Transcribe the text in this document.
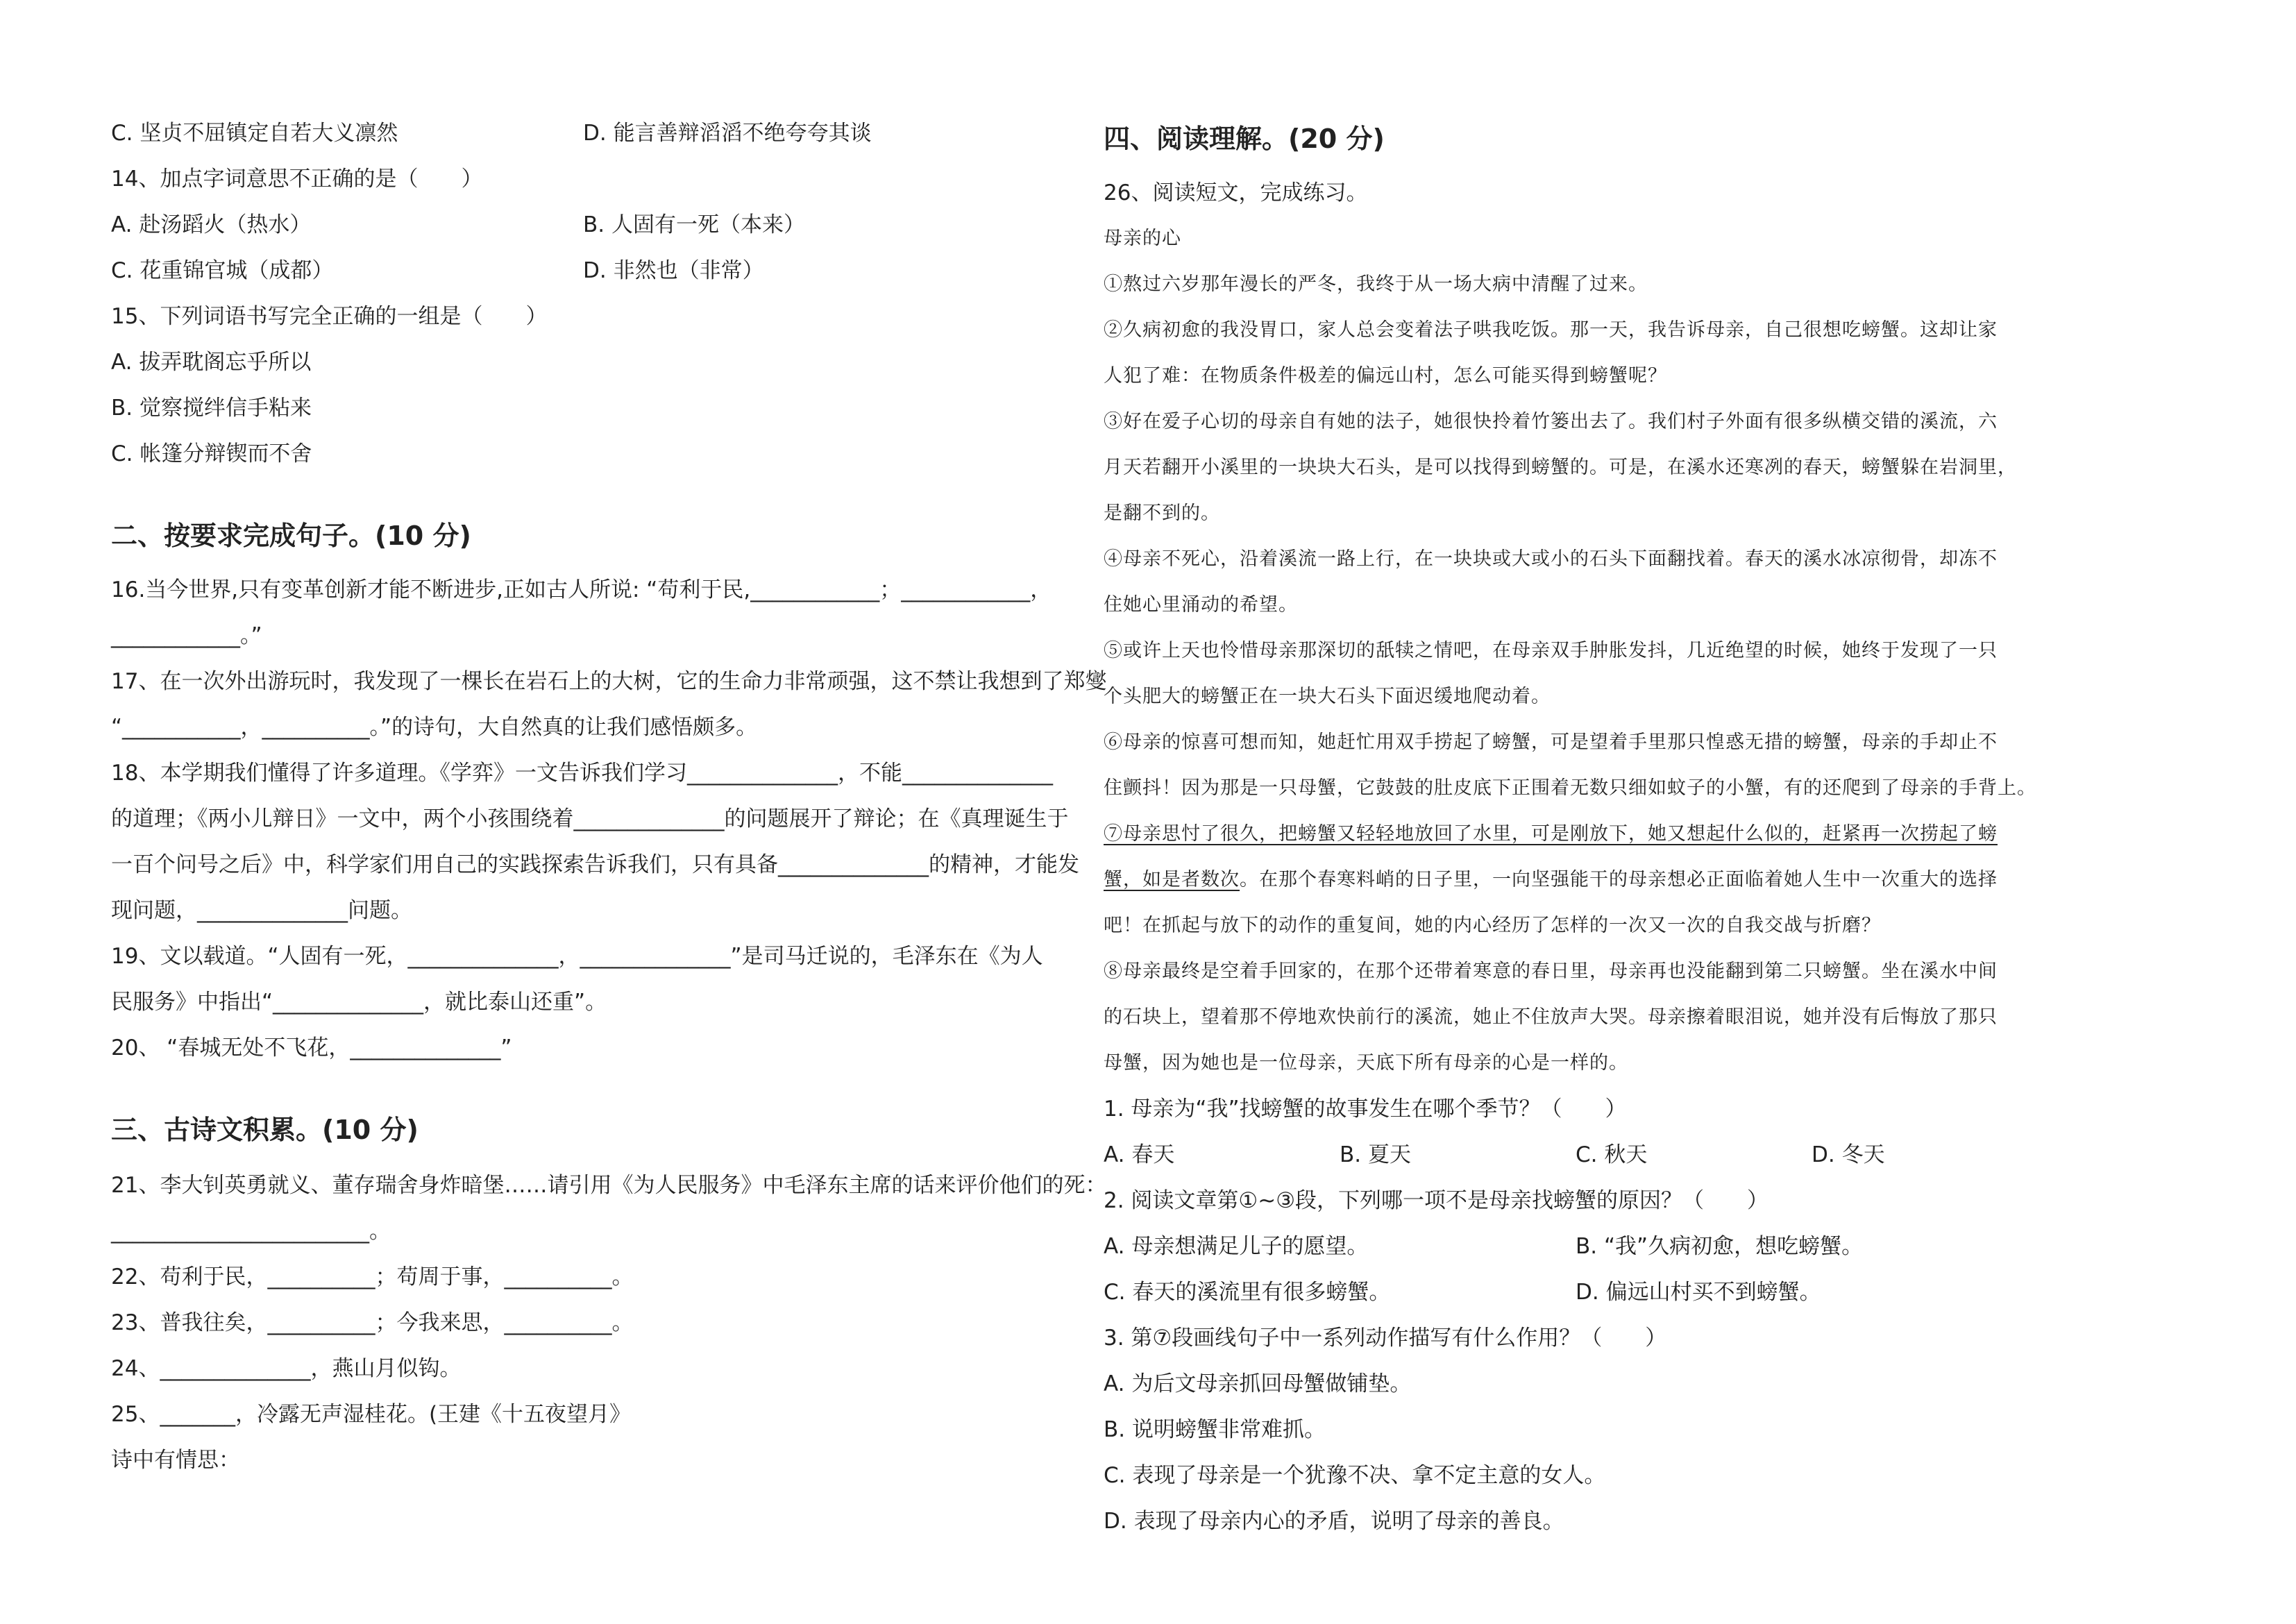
C. 坚贞不屈镇定自若大义凛然	D. 能言善辩滔滔不绝夸夸其谈
14、加点字词意思不正确的是（　　）
A. 赴汤蹈火（热水）	B. 人固有一死（本来）
C. 花重锦官城（成都）	D. 非然也（非常）
15、下列词语书写完全正确的一组是（　　）
A. 拔弄耽阁忘乎所以
B. 觉察搅绊信手粘来
C. 帐篷分辩锲而不舍
二、按要求完成句子。(10 分)
16.当今世界,只有变革创新才能不断进步,正如古人所说: “苟利于民,____________；____________，
____________。”
17、在一次外出游玩时，我发现了一棵长在岩石上的大树，它的生命力非常顽强，这不禁让我想到了郑燮
“___________，__________。”的诗句，大自然真的让我们感悟颇多。
18、本学期我们懂得了许多道理。《学弈》一文告诉我们学习______________，不能______________
的道理；《两小儿辩日》一文中，两个小孩围绕着______________的问题展开了辩论；在《真理诞生于
一百个问号之后》中，科学家们用自己的实践探索告诉我们，只有具备______________的精神，才能发
现问题，______________问题。
19、文以载道。“人固有一死，______________，______________”是司马迁说的，毛泽东在《为人
民服务》中指出“______________，就比泰山还重”。
20、 “春城无处不飞花，______________”
三、古诗文积累。(10 分)
21、李大钊英勇就义、董存瑞舍身炸暗堡……请引用《为人民服务》中毛泽东主席的话来评价他们的死：
________________________。
22、苟利于民，__________；苟周于事，__________。
23、普我往矣，__________；今我来思，__________。
24、______________，燕山月似钩。
25、_______，冷露无声湿桂花。(王建《十五夜望月》
诗中有情思：
四、阅读理解。(20 分)
26、阅读短文，完成练习。
母亲的心
①熬过六岁那年漫长的严冬，我终于从一场大病中清醒了过来。
②久病初愈的我没胃口，家人总会变着法子哄我吃饭。那一天，我告诉母亲，自己很想吃螃蟹。这却让家
人犯了难：在物质条件极差的偏远山村，怎么可能买得到螃蟹呢？
③好在爱子心切的母亲自有她的法子，她很快拎着竹篓出去了。我们村子外面有很多纵横交错的溪流，六
月天若翻开小溪里的一块块大石头，是可以找得到螃蟹的。可是，在溪水还寒冽的春天，螃蟹躲在岩洞里，
是翻不到的。
④母亲不死心，沿着溪流一路上行，在一块块或大或小的石头下面翻找着。春天的溪水冰凉彻骨，却冻不
住她心里涌动的希望。
⑤或许上天也怜惜母亲那深切的舐犊之情吧，在母亲双手肿胀发抖，几近绝望的时候，她终于发现了一只
个头肥大的螃蟹正在一块大石头下面迟缓地爬动着。
⑥母亲的惊喜可想而知，她赶忙用双手捞起了螃蟹，可是望着手里那只惶惑无措的螃蟹，母亲的手却止不
住颤抖！因为那是一只母蟹，它鼓鼓的肚皮底下正围着无数只细如蚊子的小蟹，有的还爬到了母亲的手背上。
⑦母亲思忖了很久，把螃蟹又轻轻地放回了水里，可是刚放下，她又想起什么似的，赶紧再一次捞起了螃
蟹，如是者数次。在那个春寒料峭的日子里，一向坚强能干的母亲想必正面临着她人生中一次重大的选择
吧！在抓起与放下的动作的重复间，她的内心经历了怎样的一次又一次的自我交战与折磨？
⑧母亲最终是空着手回家的，在那个还带着寒意的春日里，母亲再也没能翻到第二只螃蟹。坐在溪水中间
的石块上，望着那不停地欢快前行的溪流，她止不住放声大哭。母亲擦着眼泪说，她并没有后悔放了那只
母蟹，因为她也是一位母亲，天底下所有母亲的心是一样的。
1. 母亲为“我”找螃蟹的故事发生在哪个季节？（　　）
A. 春天	B. 夏天	C. 秋天	D. 冬天
2. 阅读文章第①~③段，下列哪一项不是母亲找螃蟹的原因？（　　）
A. 母亲想满足儿子的愿望。	B. “我”久病初愈，想吃螃蟹。
C. 春天的溪流里有很多螃蟹。	D. 偏远山村买不到螃蟹。
3. 第⑦段画线句子中一系列动作描写有什么作用？（　　）
A. 为后文母亲抓回母蟹做铺垫。
B. 说明螃蟹非常难抓。
C. 表现了母亲是一个犹豫不决、拿不定主意的女人。
D. 表现了母亲内心的矛盾，说明了母亲的善良。
